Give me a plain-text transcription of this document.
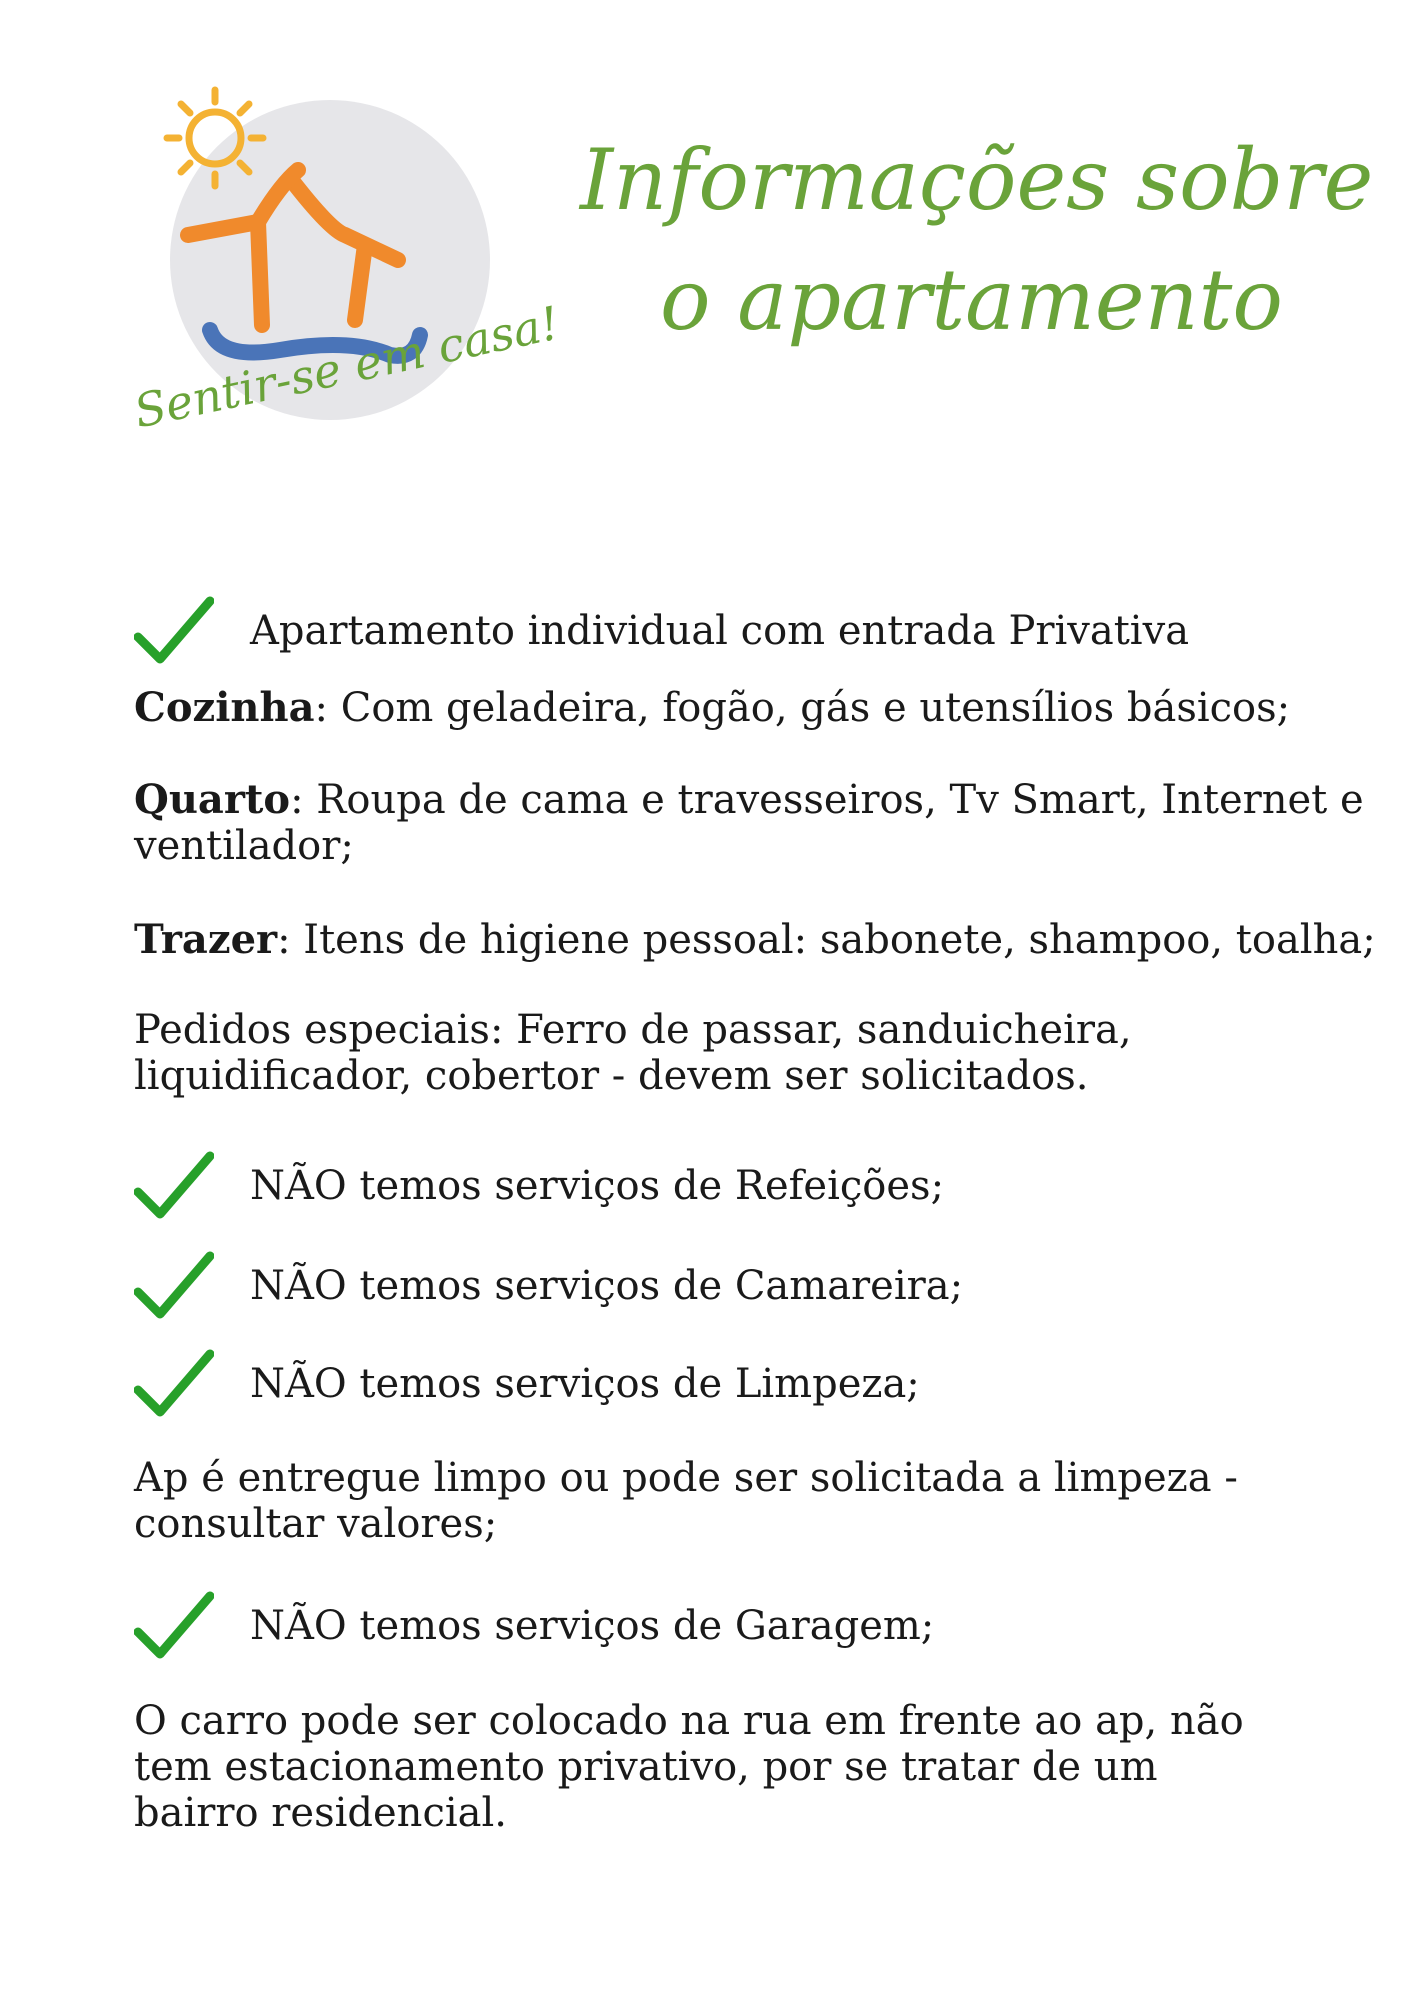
Sentir-se em casa!
Informações sobre
o apartamento
Apartamento individual com entrada Privativa
Cozinha: Com geladeira, fogão, gás e utensílios básicos;
Quarto: Roupa de cama e travesseiros, Tv Smart, Internet e ventilador;
Trazer: Itens de higiene pessoal: sabonete, shampoo, toalha;
Pedidos especiais: Ferro de passar, sanduicheira, liquidificador, cobertor - devem ser solicitados.
NÃO temos serviços de Refeições;
NÃO temos serviços de Camareira;
NÃO temos serviços de Limpeza;
Ap é entregue limpo ou pode ser solicitada a limpeza - consultar valores;
NÃO temos serviços de Garagem;
O carro pode ser colocado na rua em frente ao ap, não tem estacionamento privativo, por se tratar de um bairro residencial.
